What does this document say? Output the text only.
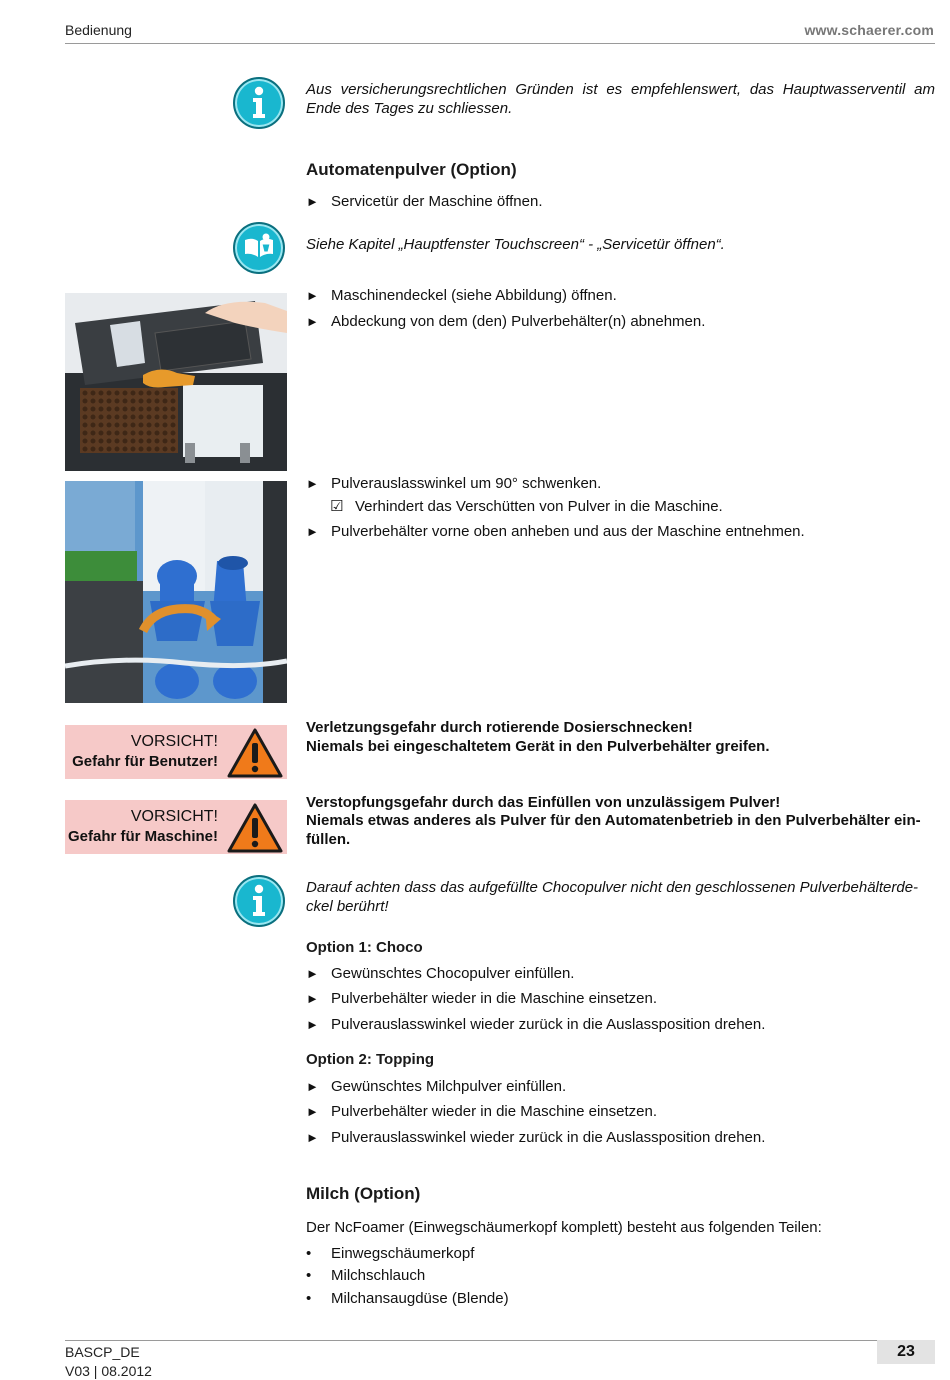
Bedienung	www.schaerer.com
Aus versicherungsrechtlichen Gründen ist es empfehlenswert, das Hauptwasserventil am Ende des Tages zu schliessen.
Automatenpulver (Option)
► Servicetür der Maschine öffnen.
Siehe Kapitel „Hauptfenster Touchscreen“ - „Servicetür öffnen“.
► Maschinendeckel (siehe Abbildung) öffnen.
► Abdeckung von dem (den) Pulverbehälter(n) abnehmen.
► Pulverauslasswinkel um 90° schwenken.
☑ Verhindert das Verschütten von Pulver in die Maschine.
► Pulverbehälter vorne oben anheben und aus der Maschine entnehmen.
VORSICHT!
Gefahr für Benutzer!
Verletzungsgefahr durch rotierende Dosierschnecken!
Niemals bei eingeschaltetem Gerät in den Pulverbehälter greifen.
VORSICHT!
Gefahr für Maschine!
Verstopfungsgefahr durch das Einfüllen von unzulässigem Pulver!
Niemals etwas anderes als Pulver für den Automatenbetrieb in den Pulverbehälter ein-
füllen.
Darauf achten dass das aufgefüllte Chocopulver nicht den geschlossenen Pulverbehälterde-
ckel berührt!
Option 1: Choco
► Gewünschtes Chocopulver einfüllen.
► Pulverbehälter wieder in die Maschine einsetzen.
► Pulverauslasswinkel wieder zurück in die Auslassposition drehen.
Option 2: Topping
► Gewünschtes Milchpulver einfüllen.
► Pulverbehälter wieder in die Maschine einsetzen.
► Pulverauslasswinkel wieder zurück in die Auslassposition drehen.
Milch (Option)
Der NcFoamer (Einwegschäumerkopf komplett) besteht aus folgenden Teilen:
• Einwegschäumerkopf
• Milchschlauch
• Milchansaugdüse (Blende)
BASCP_DE
V03 | 08.2012
23
